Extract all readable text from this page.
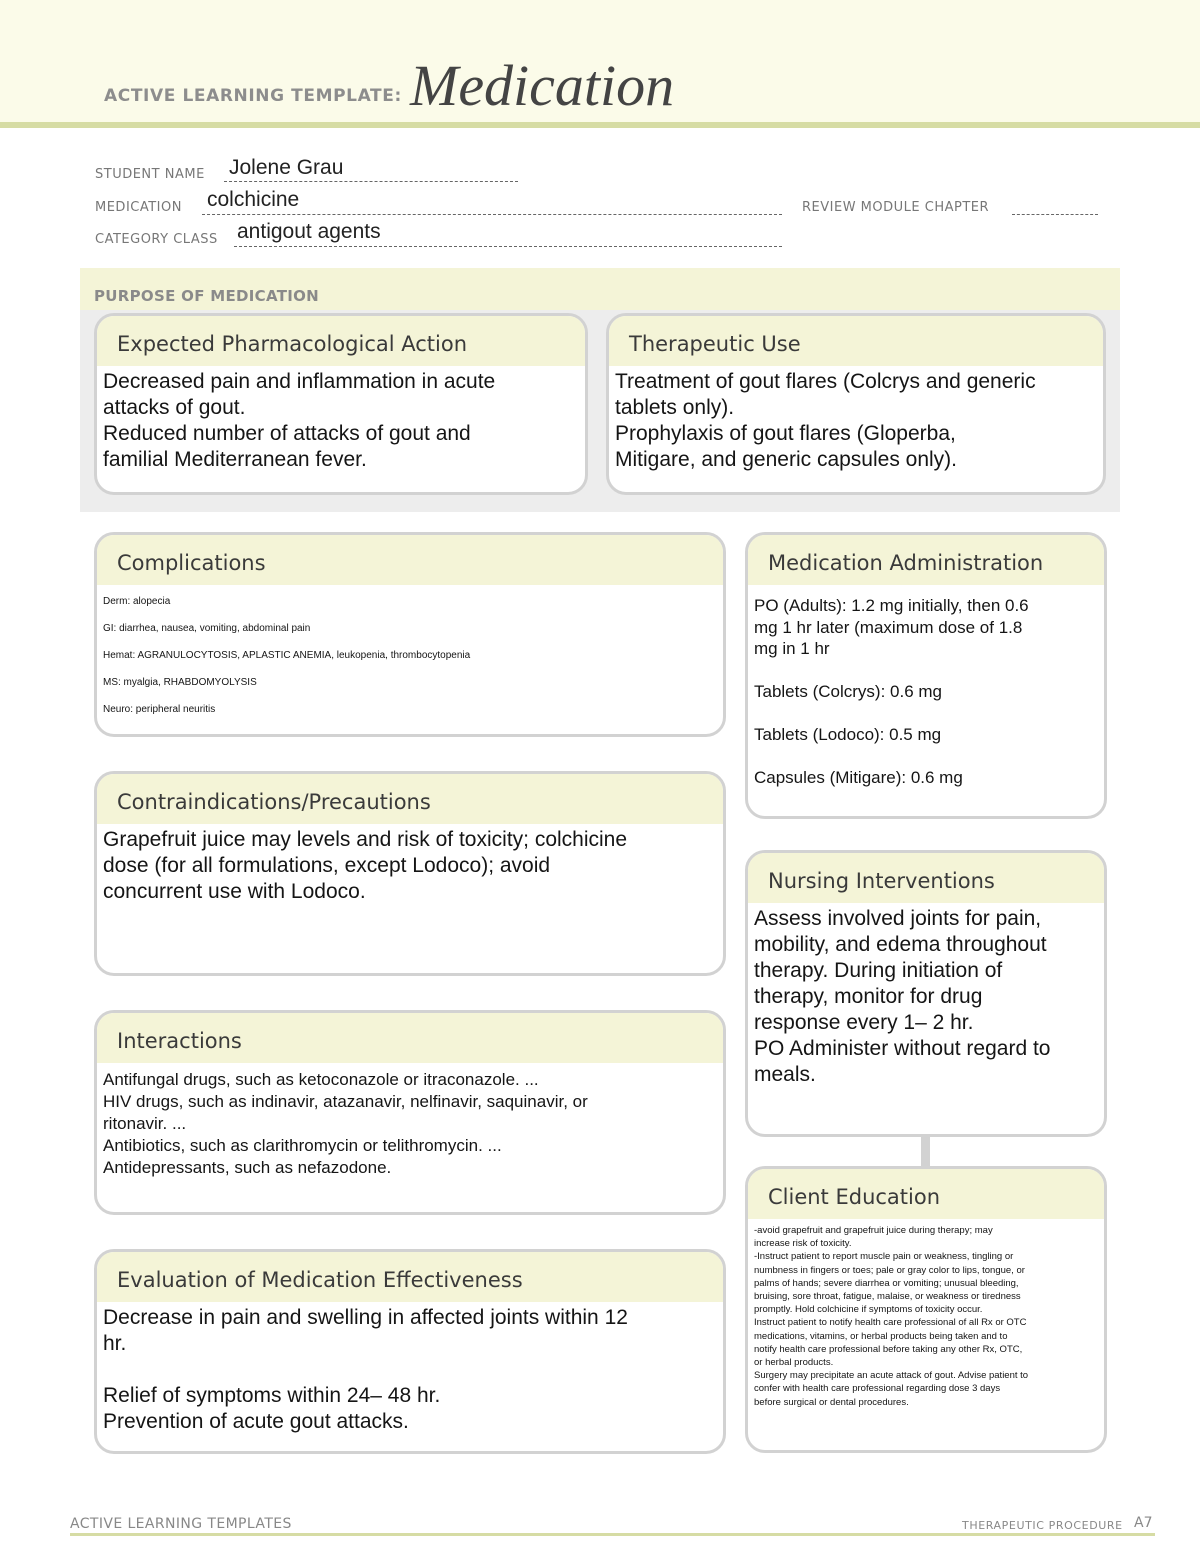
ACTIVE LEARNING TEMPLATE: Medication
STUDENT NAME Jolene Grau
MEDICATION colchicine	REVIEW MODULE CHAPTER
CATEGORY CLASS antigout agents
PURPOSE OF MEDICATION
Expected Pharmacological Action
Decreased pain and inflammation in acute
attacks of gout.
Reduced number of attacks of gout and
familial Mediterranean fever.
Therapeutic Use
Treatment of gout flares (Colcrys and generic
tablets only).
Prophylaxis of gout flares (Gloperba,
Mitigare, and generic capsules only).
Complications
Derm: alopecia
GI: diarrhea, nausea, vomiting, abdominal pain
Hemat: AGRANULOCYTOSIS, APLASTIC ANEMIA, leukopenia, thrombocytopenia
MS: myalgia, RHABDOMYOLYSIS
Neuro: peripheral neuritis
Medication Administration
PO (Adults): 1.2 mg initially, then 0.6
mg 1 hr later (maximum dose of 1.8
mg in 1 hr

Tablets (Colcrys): 0.6 mg

Tablets (Lodoco): 0.5 mg

Capsules (Mitigare): 0.6 mg
Contraindications/Precautions
Grapefruit juice may levels and risk of toxicity; colchicine
dose (for all formulations, except Lodoco); avoid
concurrent use with Lodoco.	Nursing Interventions
Assess involved joints for pain,
mobility, and edema throughout
therapy. During initiation of
therapy, monitor for drug
response every 1– 2 hr.
PO Administer without regard to
meals.
Interactions
Antifungal drugs, such as ketoconazole or itraconazole. ...
HIV drugs, such as indinavir, atazanavir, nelfinavir, saquinavir, or
ritonavir. ...
Antibiotics, such as clarithromycin or telithromycin. ...
Antidepressants, such as nefazodone.
Client Education
-avoid grapefruit and grapefruit juice during therapy; may
increase risk of toxicity.
-Instruct patient to report muscle pain or weakness, tingling or
numbness in fingers or toes; pale or gray color to lips, tongue, or
palms of hands; severe diarrhea or vomiting; unusual bleeding,
bruising, sore throat, fatigue, malaise, or weakness or tiredness
promptly. Hold colchicine if symptoms of toxicity occur.
Instruct patient to notify health care professional of all Rx or OTC
medications, vitamins, or herbal products being taken and to
notify health care professional before taking any other Rx, OTC,
or herbal products.
Surgery may precipitate an acute attack of gout. Advise patient to
confer with health care professional regarding dose 3 days
before surgical or dental procedures.
Evaluation of Medication Effectiveness
Decrease in pain and swelling in affected joints within 12
hr.

Relief of symptoms within 24– 48 hr.
Prevention of acute gout attacks.
ACTIVE LEARNING TEMPLATES	THERAPEUTIC PROCEDURE A7
